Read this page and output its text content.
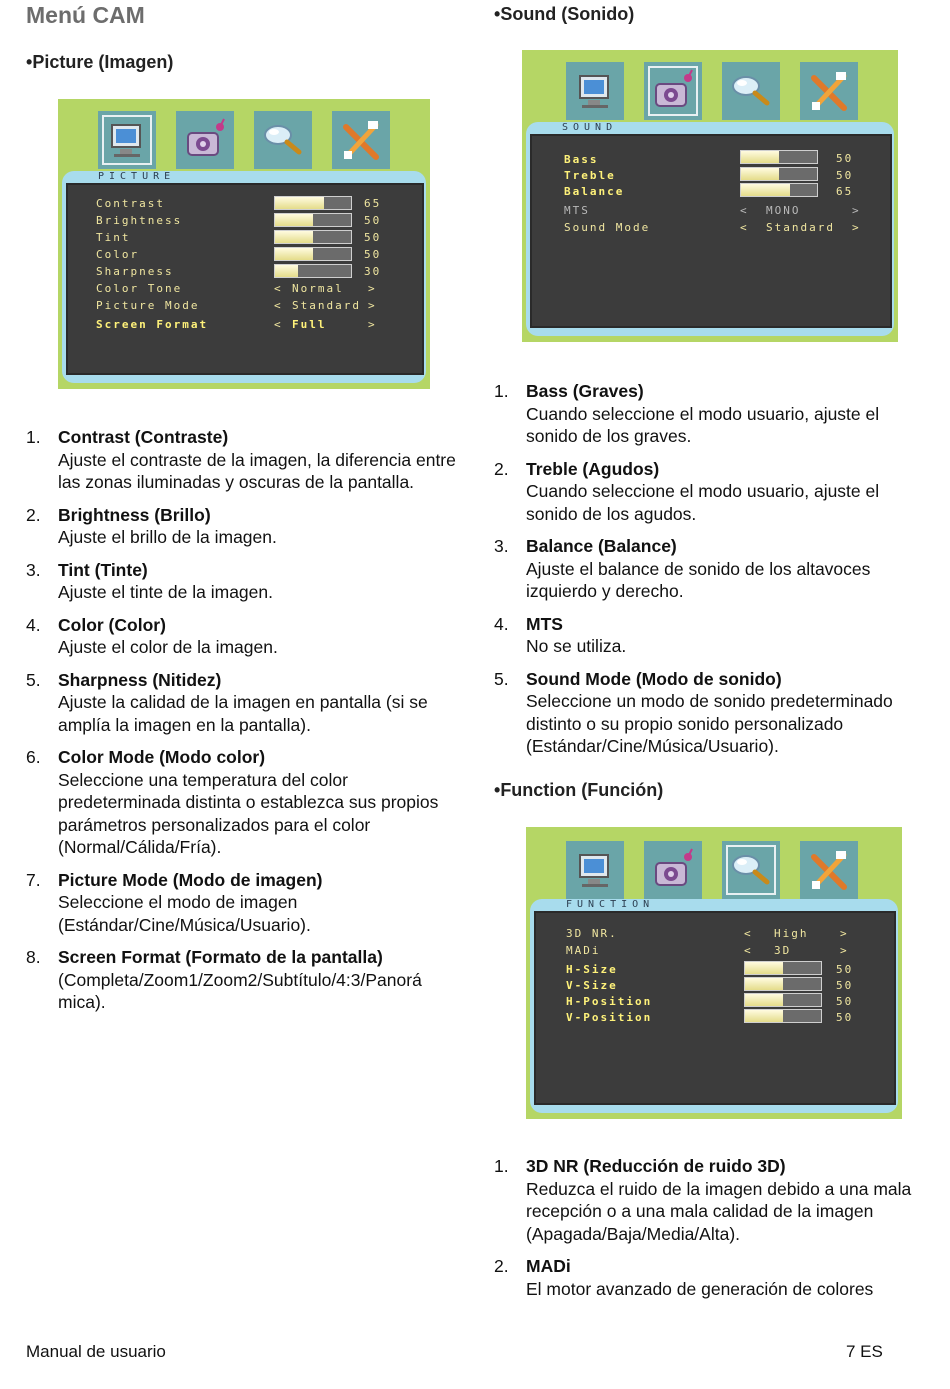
Menú CAM
• Picture (Imagen)
PICTURE
Contrast	65
Brightness	50
Tint	50
Color	50
Sharpness	30
Color Tone	< Normal >
Picture Mode	< Standard >
Screen Format	< Full	>
1. Contrast (Contraste)
Ajuste el contraste de la imagen, la diferencia entre las zonas iluminadas y oscuras de la pantalla.
2. Brightness (Brillo)
Ajuste el brillo de la imagen.
3. Tint (Tinte)
Ajuste el tinte de la imagen.
4. Color (Color)
Ajuste el color de la imagen.
5. Sharpness (Nitidez)
Ajuste la calidad de la imagen en pantalla (si se amplía la imagen en la pantalla).
6. Color Mode (Modo color)
Seleccione una temperatura del color predeterminada distinta o establezca sus propios parámetros personalizados para el color (Normal/Cálida/Fría).
7. Picture Mode (Modo de imagen)
Seleccione el modo de imagen (Estándar/Cine/Música/Usuario).
8. Screen Format (Formato de la pantalla)
(Completa/Zoom1/Zoom2/Subtítulo/4:3/Panorá mica).
• Sound (Sonido)
SOUND
Bass	50
Treble	50
Balance	65
MTS	< MONO	>
Sound Mode	< Standard >
1. Bass (Graves)
Cuando seleccione el modo usuario, ajuste el sonido de los graves.
2. Treble (Agudos)
Cuando seleccione el modo usuario, ajuste el sonido de los agudos.
3. Balance (Balance)
Ajuste el balance de sonido de los altavoces izquierdo y derecho.
4. MTS
No se utiliza.
5. Sound Mode (Modo de sonido)
Seleccione un modo de sonido predeterminado distinto o su propio sonido personalizado (Estándar/Cine/Música/Usuario).
• Function (Función)
FUNCTION
3D NR.	< High	>
MADi	< 3D	>
H-Size	50
V-Size	50
H-Position	50
V-Position	50
1. 3D NR (Reducción de ruido 3D)
Reduzca el ruido de la imagen debido a una mala recepción o a una mala calidad de la imagen (Apagada/Baja/Media/Alta).
2. MADi
El motor avanzado de generación de colores
Manual de usuario	7 ES
